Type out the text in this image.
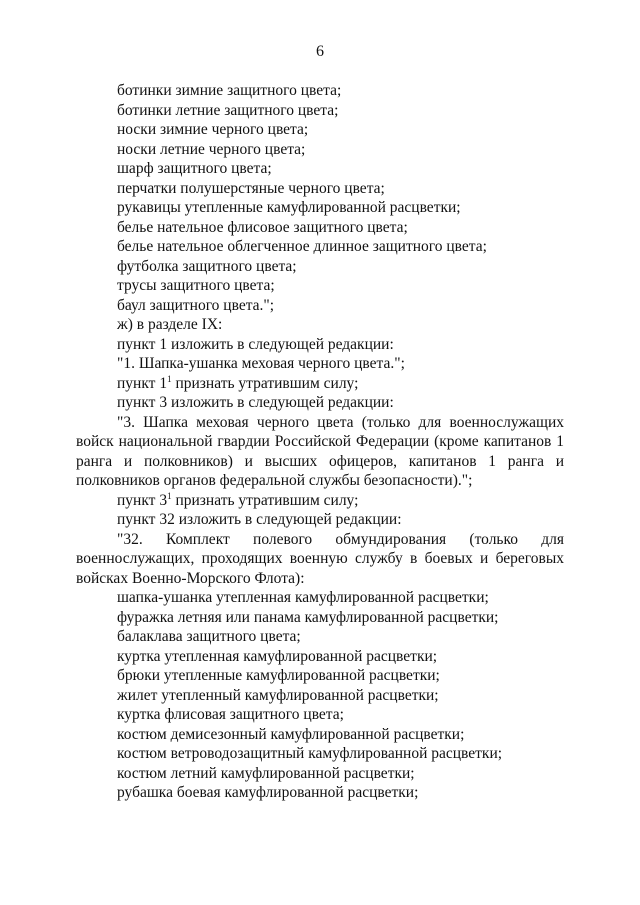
6
ботинки зимние защитного цвета;
ботинки летние защитного цвета;
носки зимние черного цвета;
носки летние черного цвета;
шарф защитного цвета;
перчатки полушерстяные черного цвета;
рукавицы утепленные камуфлированной расцветки;
белье нательное флисовое защитного цвета;
белье нательное облегченное длинное защитного цвета;
футболка защитного цвета;
трусы защитного цвета;
баул защитного цвета.";
ж) в разделе IX:
пункт 1 изложить в следующей редакции:
"1. Шапка-ушанка меховая черного цвета.";
пункт $1^1$ признать утратившим силу;
пункт 3 изложить в следующей редакции:
"3. Шапка меховая черного цвета (только для военнослужащих войск национальной гвардии Российской Федерации (кроме капитанов 1 ранга и полковников) и высших офицеров, капитанов 1 ранга и полковников органов федеральной службы безопасности).";
пункт $3^1$ признать утратившим силу;
пункт 32 изложить в следующей редакции:
"32. Комплект полевого обмундирования (только для военнослужащих, проходящих военную службу в боевых и береговых войсках Военно-Морского Флота):
шапка-ушанка утепленная камуфлированной расцветки;
фуражка летняя или панама камуфлированной расцветки;
балаклава защитного цвета;
куртка утепленная камуфлированной расцветки;
брюки утепленные камуфлированной расцветки;
жилет утепленный камуфлированной расцветки;
куртка флисовая защитного цвета;
костюм демисезонный камуфлированной расцветки;
костюм ветроводозащитный камуфлированной расцветки;
костюм летний камуфлированной расцветки;
рубашка боевая камуфлированной расцветки;
